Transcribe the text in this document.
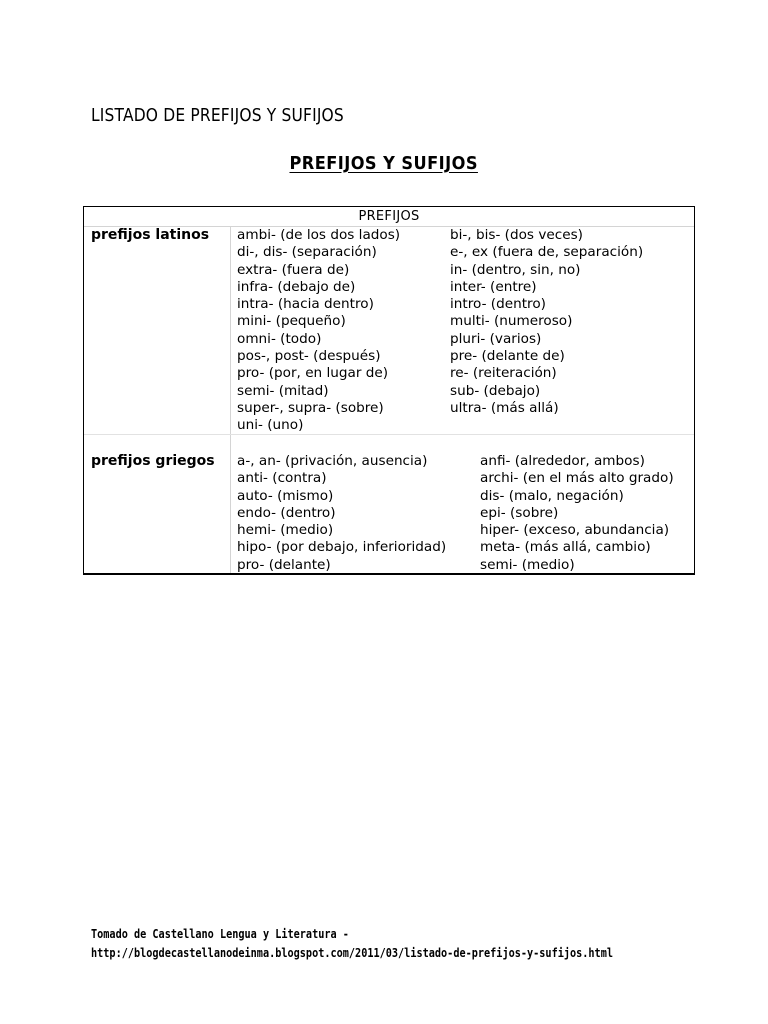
LISTADO DE PREFIJOS Y SUFIJOS
PREFIJOS Y SUFIJOS
PREFIJOS
prefijos latinos ambi- (de los dos lados)
di-, dis- (separación)
extra- (fuera de)
infra- (debajo de)
intra- (hacia dentro)
mini- (pequeño)
omni- (todo)
pos-, post- (después)
pro- (por, en lugar de)
semi- (mitad)
super-, supra- (sobre)
uni- (uno)
bi-, bis- (dos veces)
e-, ex (fuera de, separación)
in- (dentro, sin, no)
inter- (entre)
intro- (dentro)
multi- (numeroso)
pluri- (varios)
pre- (delante de)
re- (reiteración)
sub- (debajo)
ultra- (más allá)
prefijos griegos a-, an- (privación, ausencia)
anti- (contra)
auto- (mismo)
endo- (dentro)
hemi- (medio)
hipo- (por debajo, inferioridad)
pro- (delante)
anfi- (alrededor, ambos)
archi- (en el más alto grado)
dis- (malo, negación)
epi- (sobre)
hiper- (exceso, abundancia)
meta- (más allá, cambio)
semi- (medio)
Tomado de Castellano Lengua y Literatura -
http://blogdecastellanodeinma.blogspot.com/2011/03/listado-de-prefijos-y-sufijos.html
